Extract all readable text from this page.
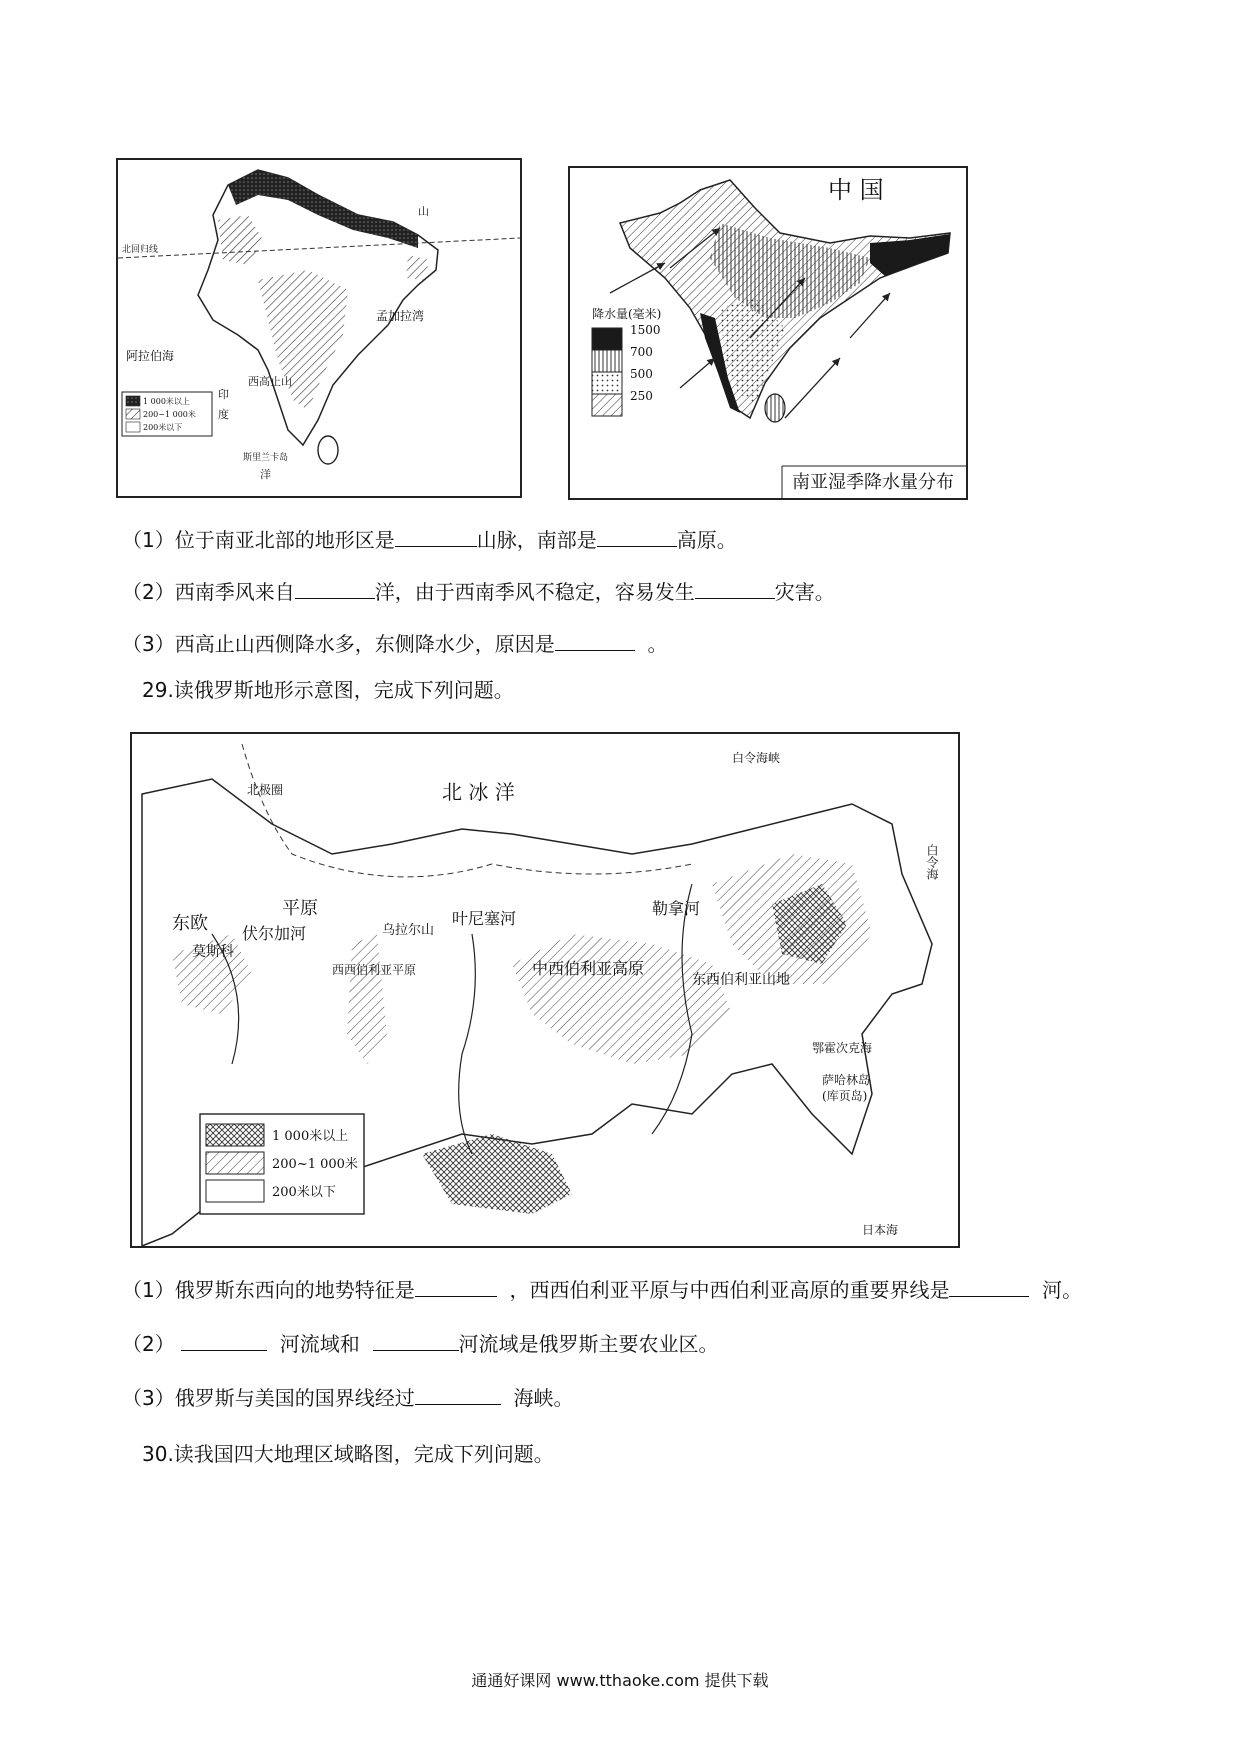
北回归线
阿拉伯海
孟加拉湾
西高止山
山
印
度
洋
斯里兰卡岛
1 000米以上
200~1 000米
200米以下
中 国
降水量(毫米)
1500
700
500
250
南亚湿季降水量分布
（1）位于南亚北部的地形区是	山脉，南部是	高原。
（2）西南季风来自	洋，由于西南季风不稳定，容易发生	灾害。
（3）西高止山西侧降水多，东侧降水少，原因是	。
29.读俄罗斯地形示意图，完成下列问题。
北 冰 洋
白令海峡
白令海
鄂霍次克海
萨哈林岛
(库页岛)
日本海
东欧
平原
莫斯科
伏尔加河
西西伯利亚平原	中西伯利亚高原
叶尼塞河
乌拉尔山
北极圈
勒拿河
东西伯利亚山地
1 000米以上
200~1 000米
200米以下
（1）俄罗斯东西向的地势特征是	，西西伯利亚平原与中西伯利亚高原的重要界线是	河。
（2）	河流域和	河流域是俄罗斯主要农业区。
（3）俄罗斯与美国的国界线经过	海峡。
30.读我国四大地理区域略图，完成下列问题。
通通好课网 www.tthaoke.com 提供下载
